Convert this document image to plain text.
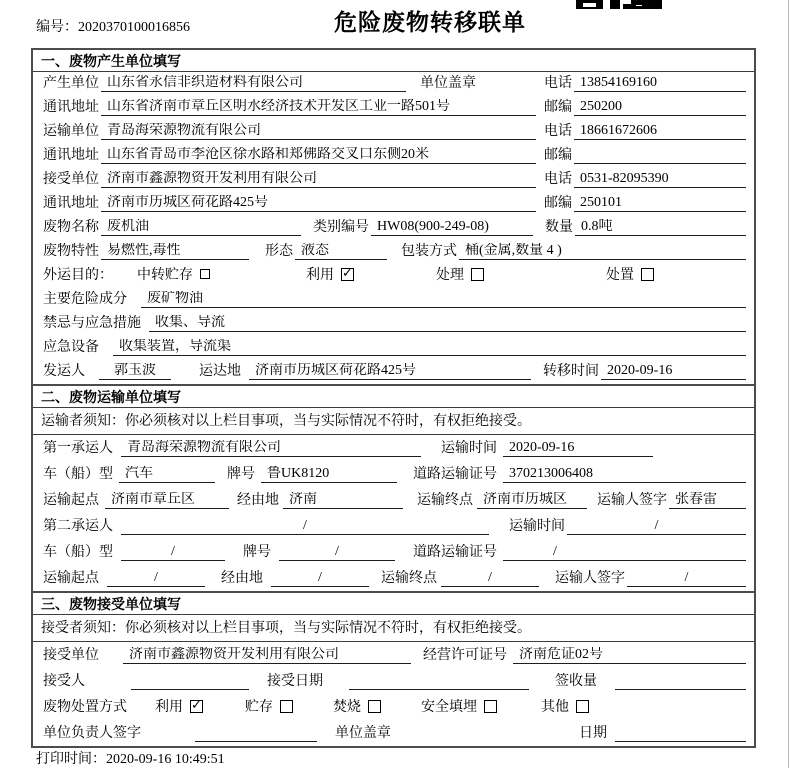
编号：2020370100016856	危险废物转移联单
一、废物产生单位填写
产生单位 山东省永信非织造材料有限公司	单位盖章	电话 13854169160
通讯地址 山东省济南市章丘区明水经济技术开发区工业一路501号	邮编 250200
运输单位 青岛海荣源物流有限公司	电话 18661672606
通讯地址 山东省青岛市李沧区徐水路和郑佛路交叉口东侧20米	邮编
接受单位 济南市鑫源物资开发利用有限公司	电话 0531-82095390
通讯地址 济南市历城区荷花路425号	邮编 250101
废物名称 废机油	类别编号 HW08(900-249-08)	数量 0.8吨
废物特性 易燃性,毒性	形态 液态	包装方式 桶(金属,数量 4 )
外运目的： 中转贮存	利用 ✓	处理	处置
主要危险成分	废矿物油
禁忌与应急措施	收集、导流
应急设备	收集装置，导流渠
发运人	郭玉波	运达地	济南市历城区荷花路425号	转移时间 2020-09-16
二、废物运输单位填写
运输者须知：你必须核对以上栏目事项，当与实际情况不符时，有权拒绝接受。
第一承运人	青岛海荣源物流有限公司	运输时间 2020-09-16
车（船）型 汽车	牌号 鲁UK8120	道路运输证号 370213006408
运输起点 济南市章丘区	经由地 济南	运输终点 济南市历城区	运输人签字 张春雷
第二承运人	/	运输时间	/
车（船）型	/	牌号	/	道路运输证号	/
运输起点	/	经由地	/	运输终点	/	运输人签字	/
三、废物接受单位填写
接受者须知：你必须核对以上栏目事项，当与实际情况不符时，有权拒绝接受。
接受单位	济南市鑫源物资开发利用有限公司	经营许可证号 济南危证02号
接受人	接受日期	签收量
废物处置方式 利用 ✓	贮存	焚烧	安全填埋	其他
单位负责人签字	单位盖章	日期
打印时间：2020-09-16 10:49:51
